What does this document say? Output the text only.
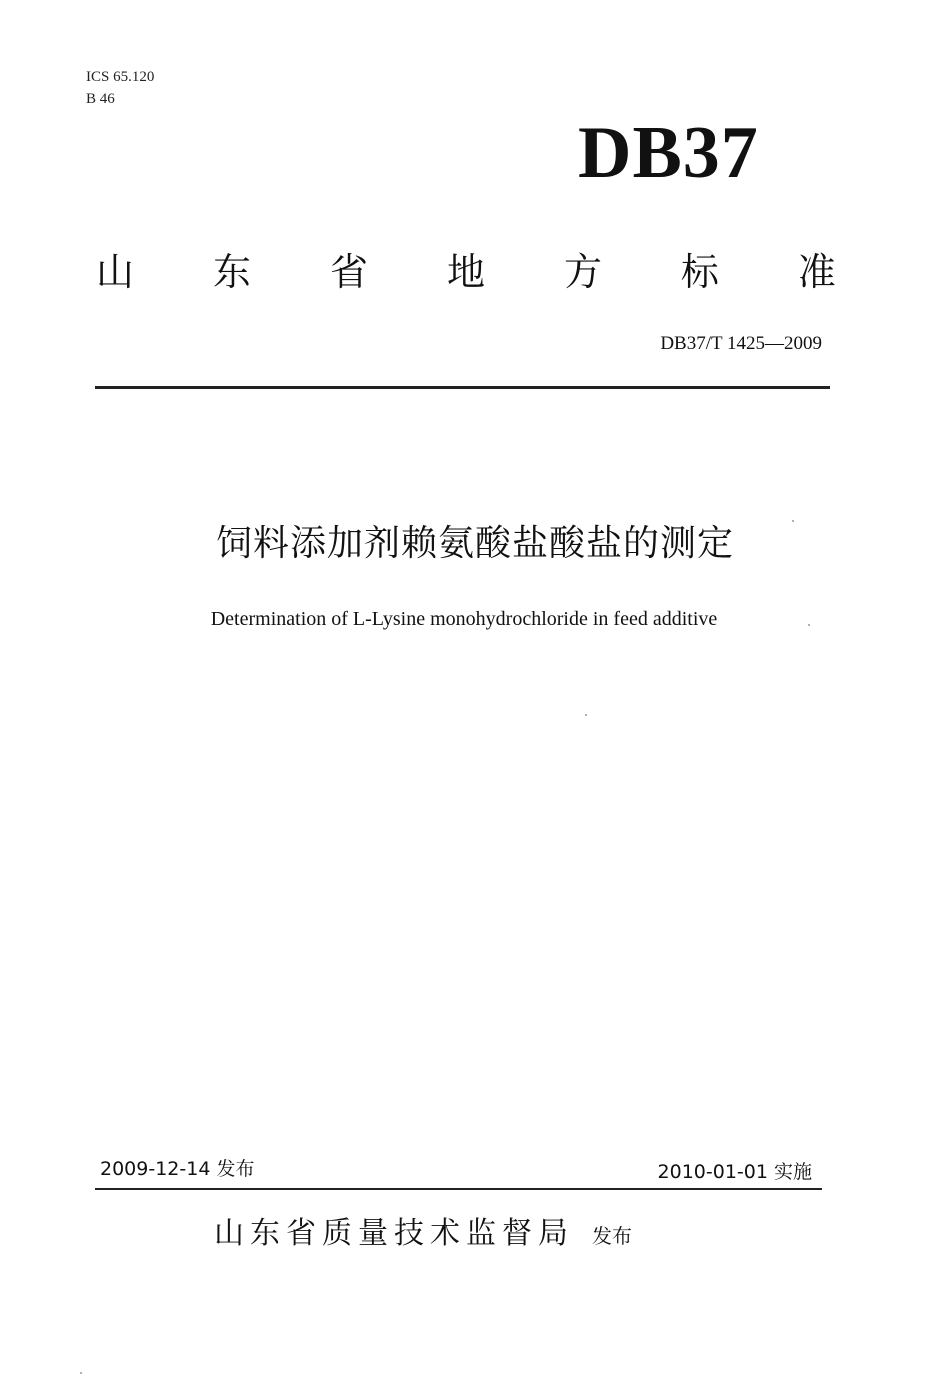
ICS 65.120
B 46
DB37
山 东 省 地 方 标 准
DB37/T 1425—2009
饲料添加剂赖氨酸盐酸盐的测定
Determination of L-Lysine monohydrochloride in feed additive
2009-12-14 发布	2010-01-01 实施
山东省质量技术监督局 发布
